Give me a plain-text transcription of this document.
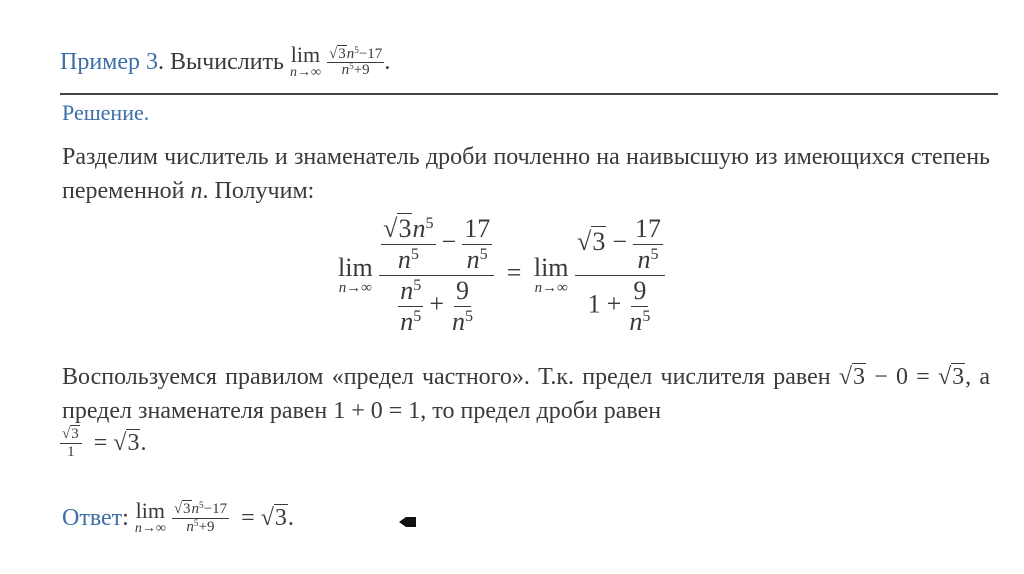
Пример 3. Вычислить lim
n→∞
$\frac{√3n^5-17}{n^5+9}$ .
Решение.
Разделим числитель и знаменатель дроби почленно на наивысшую из имеющихся степень переменной n. Получим:
lim
n→∞
$\frac{\frac{√3n^5}{n^5} - \frac{17}{n^5}}{\frac{n^5}{n^5} + \frac{9}{n^5}} = \lim$
n→∞
$\frac{√3 - \frac{17}{n^5}}{1 + \frac{9}{n^5}}$
Воспользуемся правилом «предел частного». Т.к. предел числителя равен √3 − 0 = √3, а предел знаменателя равен 1 + 0 = 1, то предел дроби равен
$\frac{√3}{1} = √3$.
Ответ: lim
n→∞
$\frac{√3n^5-17}{n^5+9} = √3$.
